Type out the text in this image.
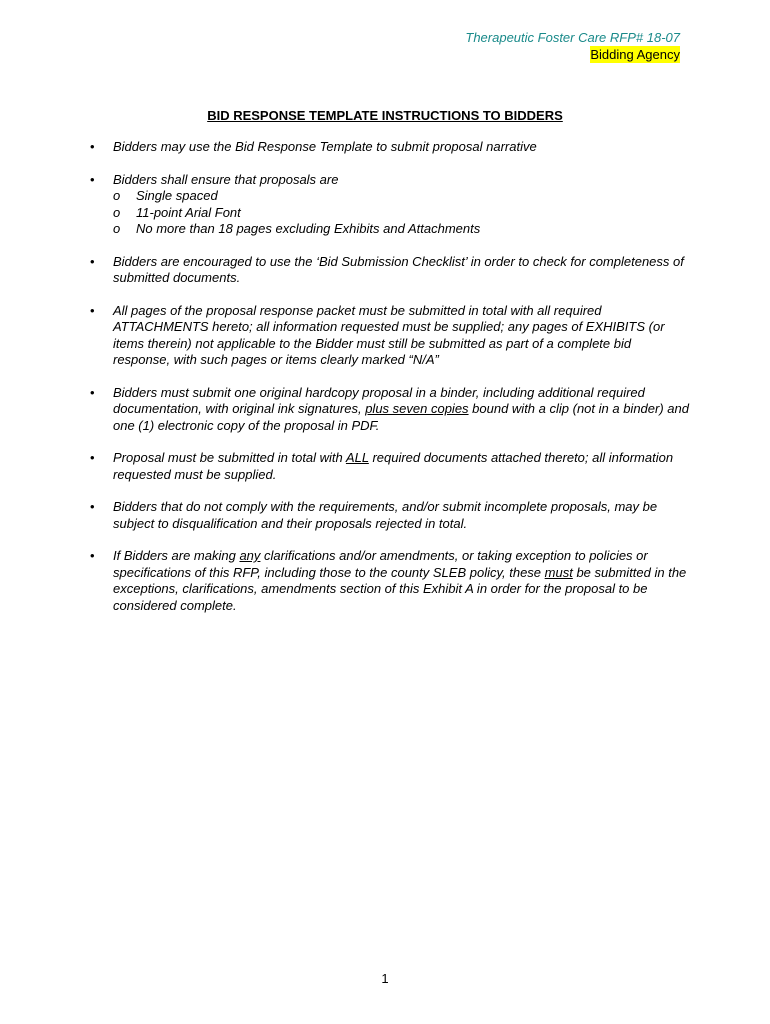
Therapeutic Foster Care RFP# 18-07
Bidding Agency
BID RESPONSE TEMPLATE INSTRUCTIONS TO BIDDERS
• Bidders may use the Bid Response Template to submit proposal narrative
• Bidders shall ensure that proposals are
o Single spaced
o 11-point Arial Font
o No more than 18 pages excluding Exhibits and Attachments
• Bidders are encouraged to use the ‘Bid Submission Checklist’ in order to check for completeness of submitted documents.
• All pages of the proposal response packet must be submitted in total with all required ATTACHMENTS hereto; all information requested must be supplied; any pages of EXHIBITS (or items therein) not applicable to the Bidder must still be submitted as part of a complete bid response, with such pages or items clearly marked “N/A”
• Bidders must submit one original hardcopy proposal in a binder, including additional required documentation, with original ink signatures, plus seven copies bound with a clip (not in a binder) and one (1) electronic copy of the proposal in PDF.
• Proposal must be submitted in total with ALL required documents attached thereto; all information requested must be supplied.
• Bidders that do not comply with the requirements, and/or submit incomplete proposals, may be subject to disqualification and their proposals rejected in total.
• If Bidders are making any clarifications and/or amendments, or taking exception to policies or specifications of this RFP, including those to the county SLEB policy, these must be submitted in the exceptions, clarifications, amendments section of this Exhibit A in order for the proposal to be considered complete.
1
